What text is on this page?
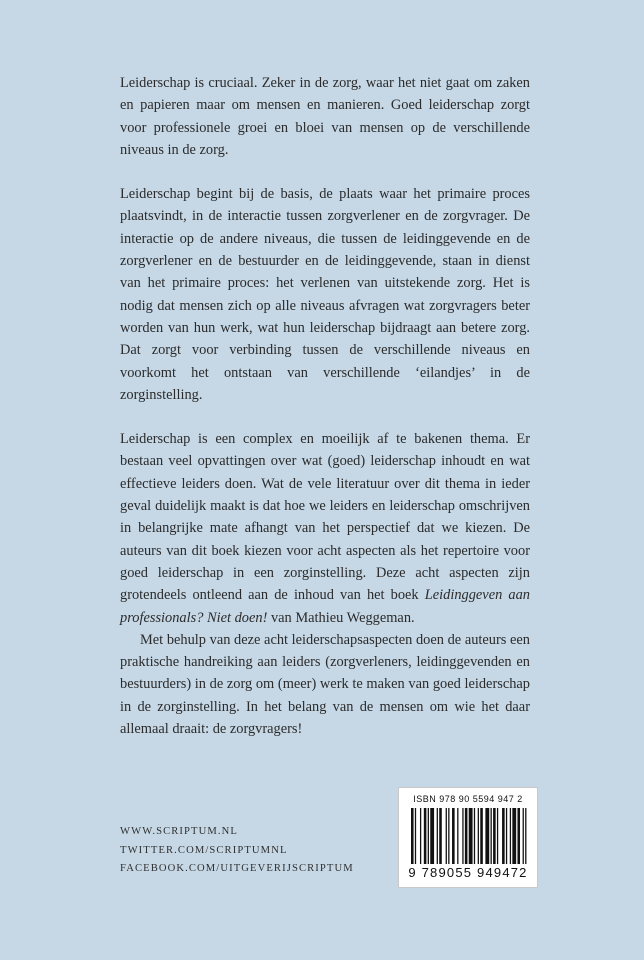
Leiderschap is cruciaal. Zeker in de zorg, waar het niet gaat om zaken en papieren maar om mensen en manieren. Goed leiderschap zorgt voor professionele groei en bloei van mensen op de verschillende niveaus in de zorg.

Leiderschap begint bij de basis, de plaats waar het primaire proces plaatsvindt, in de interactie tussen zorgverlener en de zorgvrager. De interactie op de andere niveaus, die tussen de leidinggevende en de zorgverlener en de bestuurder en de leidinggevende, staan in dienst van het primaire proces: het verlenen van uitstekende zorg. Het is nodig dat mensen zich op alle niveaus afvragen wat zorgvragers beter worden van hun werk, wat hun leiderschap bijdraagt aan betere zorg. Dat zorgt voor verbinding tussen de verschillende niveaus en voorkomt het ontstaan van verschillende ‘eilandjes’ in de zorginstelling.

Leiderschap is een complex en moeilijk af te bakenen thema. Er bestaan veel opvattingen over wat (goed) leiderschap inhoudt en wat effectieve leiders doen. Wat de vele literatuur over dit thema in ieder geval duidelijk maakt is dat hoe we leiders en leiderschap omschrijven in belangrijke mate afhangt van het perspectief dat we kiezen. De auteurs van dit boek kiezen voor acht aspecten als het repertoire voor goed leiderschap in een zorginstelling. Deze acht aspecten zijn grotendeels ontleend aan de inhoud van het boek Leidinggeven aan professionals? Niet doen! van Mathieu Weggeman.

Met behulp van deze acht leiderschapsaspecten doen de auteurs een praktische handreiking aan leiders (zorgverleners, leidinggevenden en bestuurders) in de zorg om (meer) werk te maken van goed leiderschap in de zorginstelling. In het belang van de mensen om wie het daar allemaal draait: de zorgvragers!

WWW.SCRIPTUM.NL
TWITTER.COM/SCRIPTUMNL
FACEBOOK.COM/UITGEVERIJSCRIPTUM
ISBN 978 90 5594 947 2
9 789055 949472
